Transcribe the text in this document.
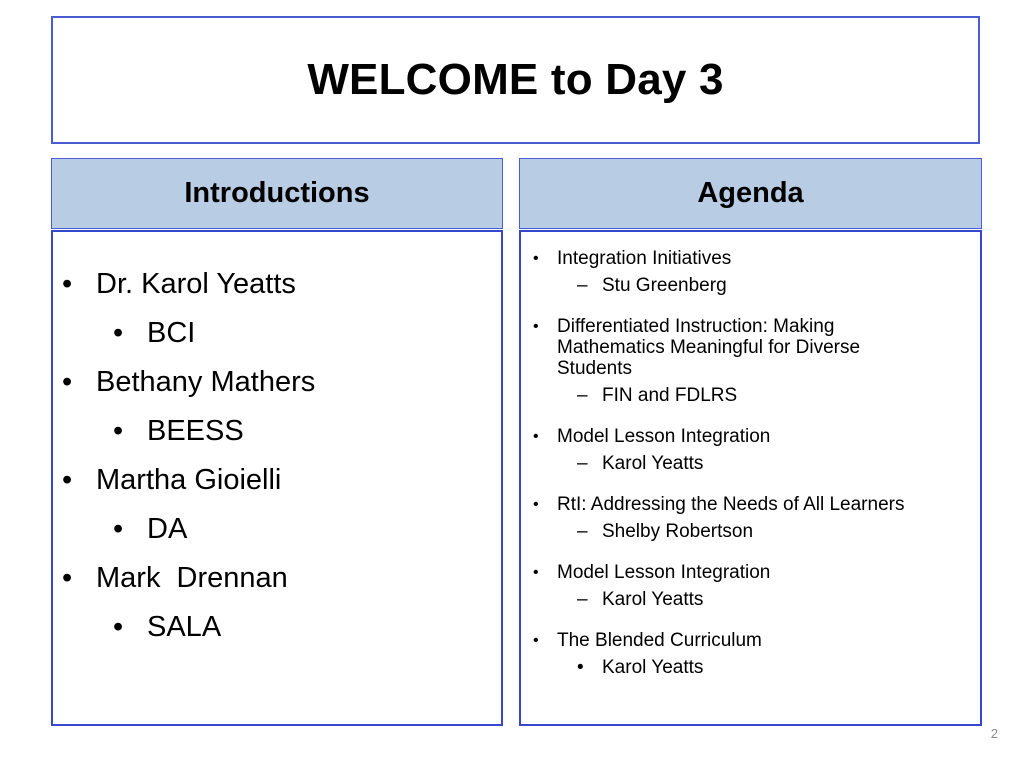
WELCOME to Day 3
Introductions	Agenda
• Dr. Karol Yeatts
• BCI
• Bethany Mathers
• BEESS
• Martha Gioielli
• DA
• Mark  Drennan
• SALA
• Integration Initiatives
– Stu Greenberg
• Differentiated Instruction: Making Mathematics Meaningful for Diverse Students
– FIN and FDLRS
• Model Lesson Integration
– Karol Yeatts
• RtI: Addressing the Needs of All Learners
– Shelby Robertson
• Model Lesson Integration
– Karol Yeatts
• The Blended Curriculum
• Karol Yeatts
2
